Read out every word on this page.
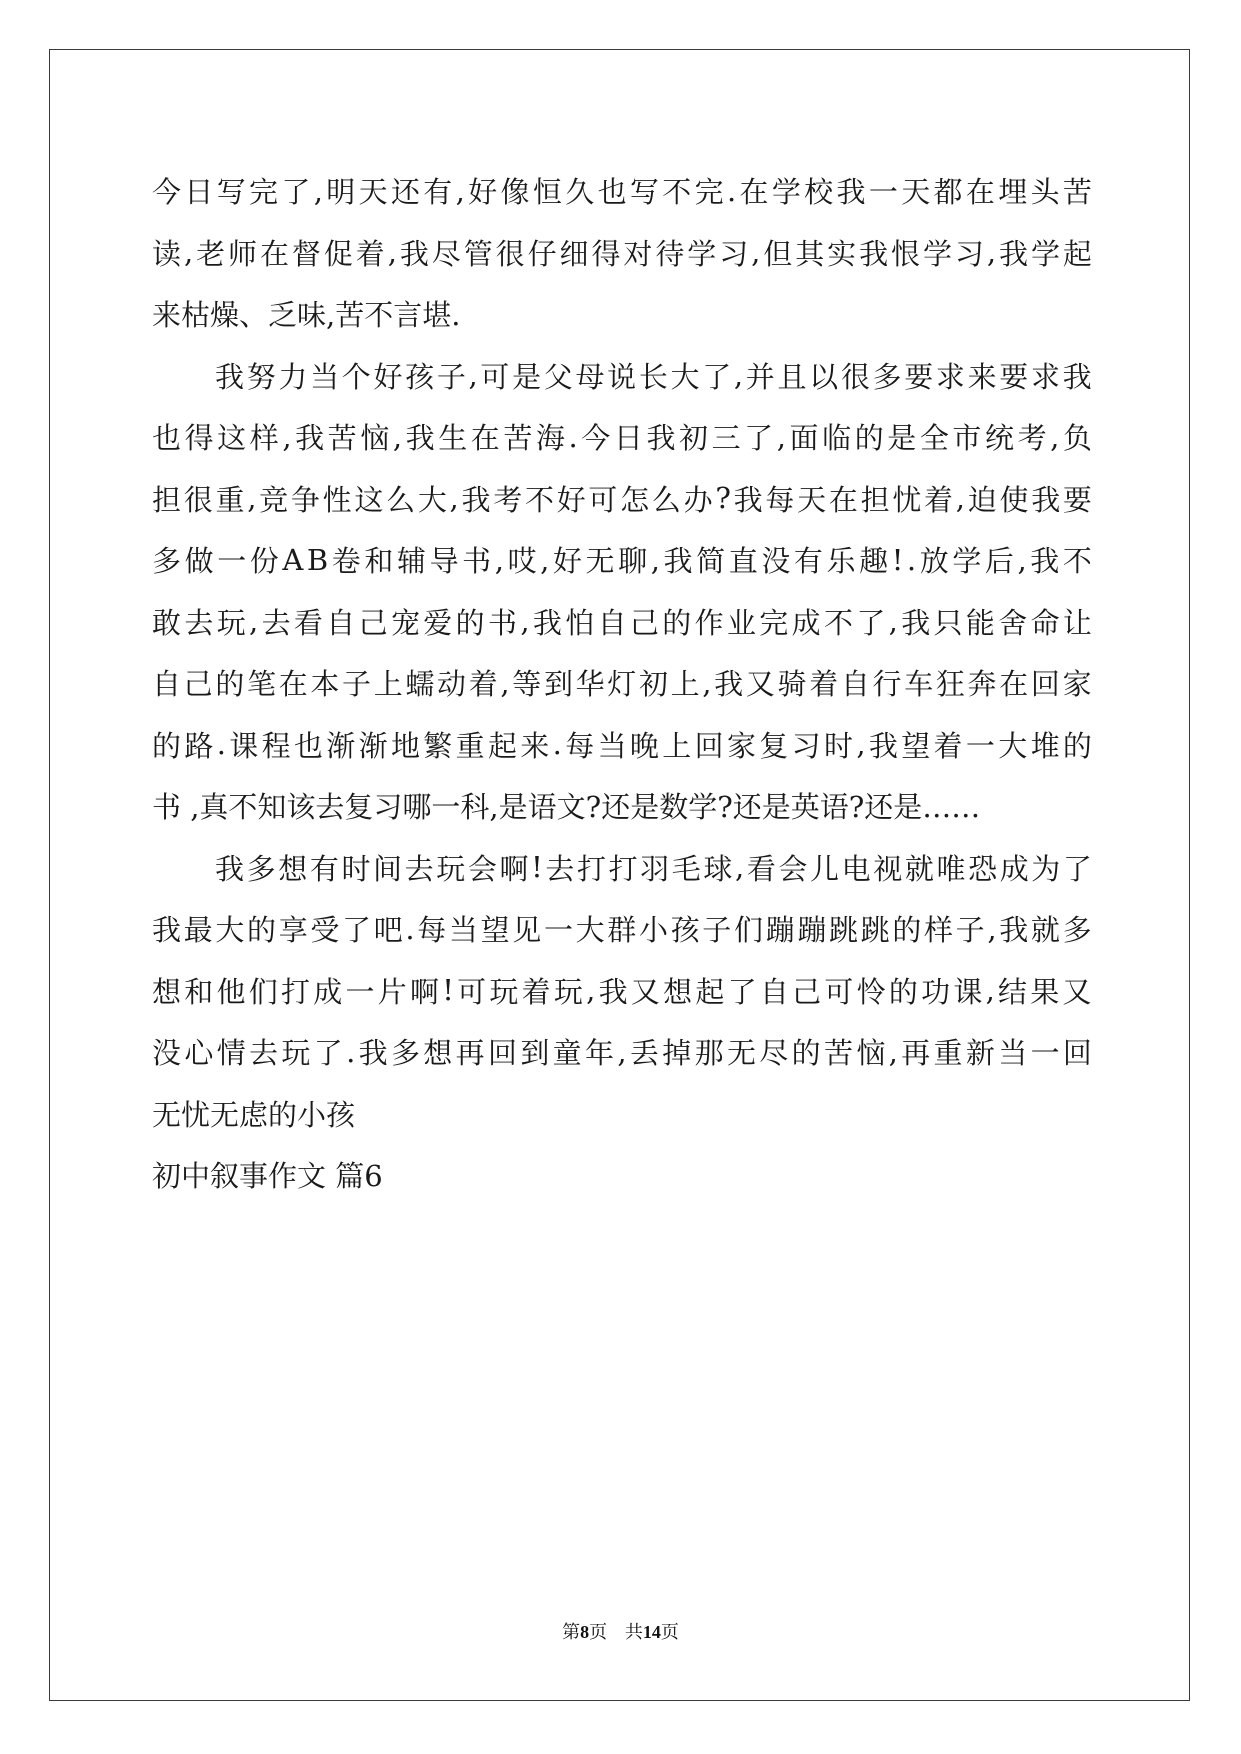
今 日 写 完 了 , 明 天 还 有 , 好 像 恒 久 也 写 不 完 . 在 学 校 我 一 天 都 在 埋 头 苦
读 , 老 师 在 督 促 着 , 我 尽 管 很 仔 细 得 对 待 学 习 , 但 其 实 我 恨 学 习 , 我 学 起
来枯燥、乏味,苦不言堪.
我 努 力 当 个 好 孩 子 , 可 是 父 母 说 长 大 了 , 并 且 以 很 多 要 求 来 要 求 我
也 得 这 样 , 我 苦 恼 , 我 生 在 苦 海 . 今 日 我 初 三 了 , 面 临 的 是 全 市 统 考 , 负
担 很 重 , 竞 争 性 这 么 大 , 我 考 不 好 可 怎 么 办 ? 我 每 天 在 担 忧 着 , 迫 使 我 要
多 做 一 份 A B 卷 和 辅 导 书 , 哎 , 好 无 聊 , 我 简 直 没 有 乐 趣 ! . 放 学 后 , 我 不
敢 去 玩 , 去 看 自 己 宠 爱 的 书 , 我 怕 自 己 的 作 业 完 成 不 了 , 我 只 能 舍 命 让
自 己 的 笔 在 本 子 上 蠕 动 着 , 等 到 华 灯 初 上 , 我 又 骑 着 自 行 车 狂 奔 在 回 家
的 路 . 课 程 也 渐 渐 地 繁 重 起 来 . 每 当 晚 上 回 家 复 习 时 , 我 望 着 一 大 堆 的
书 ,真不知该去复习哪一科,是语文?还是数学?还是英语?还是……
我 多 想 有 时 间 去 玩 会 啊 ! 去 打 打 羽 毛 球 , 看 会 儿 电 视 就 唯 恐 成 为 了
我 最 大 的 享 受 了 吧 . 每 当 望 见 一 大 群 小 孩 子 们 蹦 蹦 跳 跳 的 样 子 , 我 就 多
想 和 他 们 打 成 一 片 啊 ! 可 玩 着 玩 , 我 又 想 起 了 自 己 可 怜 的 功 课 , 结 果 又
没 心 情 去 玩 了 . 我 多 想 再 回 到 童 年 , 丢 掉 那 无 尽 的 苦 恼 , 再 重 新 当 一 回
无忧无虑的小孩
初中叙事作文 篇6
第8页 共14页
